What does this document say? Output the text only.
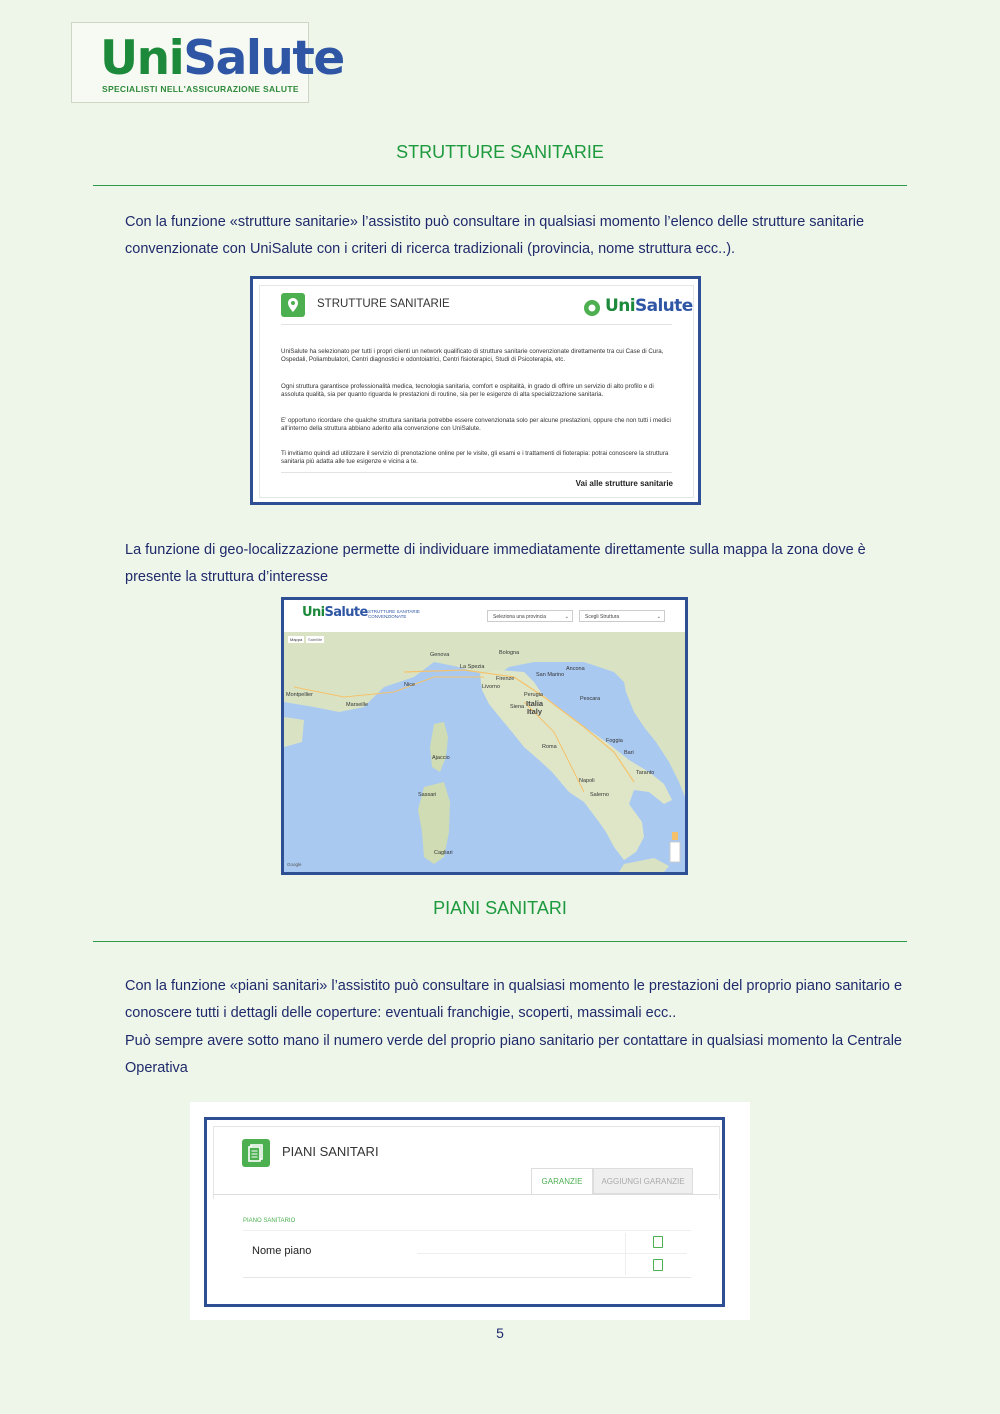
UniSalute
SPECIALISTI NELL'ASSICURAZIONE SALUTE
STRUTTURE SANITARIE
Con la funzione «strutture sanitarie» l’assistito può consultare in qualsiasi momento l’elenco delle strutture sanitarie convenzionate con UniSalute con i criteri di ricerca tradizionali (provincia, nome struttura ecc..).
STRUTTURE SANITARIE	UniSalute
UniSalute ha selezionato per tutti i propri clienti un network qualificato di strutture sanitarie convenzionate direttamente tra cui Case di Cura, Ospedali, Poliambulatori, Centri diagnostici e odontoiatrici, Centri fisioterapici, Studi di Psicoterapia, etc.
Ogni struttura garantisce professionalità medica, tecnologia sanitaria, comfort e ospitalità, in grado di offrire un servizio di alto profilo e di assoluta qualità, sia per quanto riguarda le prestazioni di routine, sia per le esigenze di alta specializzazione sanitaria.
E’ opportuno ricordare che qualche struttura sanitaria potrebbe essere convenzionata solo per alcune prestazioni, oppure che non tutti i medici all’interno della struttura abbiano aderito alla convenzione con UniSalute.
Ti invitiamo quindi ad utilizzare il servizio di prenotazione online per le visite, gli esami e i trattamenti di fioterapia: potrai conoscere la struttura sanitaria più adatta alle tue esigenze e vicina a te.
Vai alle strutture sanitarie
La funzione di geo-localizzazione permette di individuare immediatamente direttamente sulla mappa la zona dove è presente la struttura d’interesse
UniSalute STRUTTURE SANITARIE
CONVENZIONATE	Seleziona una provincia	⌄	Scegli Struttura	⌄
Mappa	Satellite
Italia
Italy
Genova	Bologna
Firenze
San Marino
Perugia
Roma
Napoli
Bari
Marseille
Nice
Cagliari
Sassari
Ajaccio
Pescara
Ancona
La Spezia
Livorno
Siena
Taranto
Salerno
Foggia
Montpellier
Google
PIANI SANITARI
Con la funzione «piani sanitari» l’assistito può consultare in qualsiasi momento le prestazioni del proprio piano sanitario e conoscere tutti i dettagli delle coperture: eventuali franchigie, scoperti, massimali ecc..
Può sempre avere sotto mano il numero verde del proprio piano sanitario per contattare in qualsiasi momento la Centrale Operativa
PIANI SANITARI
GARANZIE	AGGIUNGI GARANZIE
PIANO SANITARIO
Nome piano
5
